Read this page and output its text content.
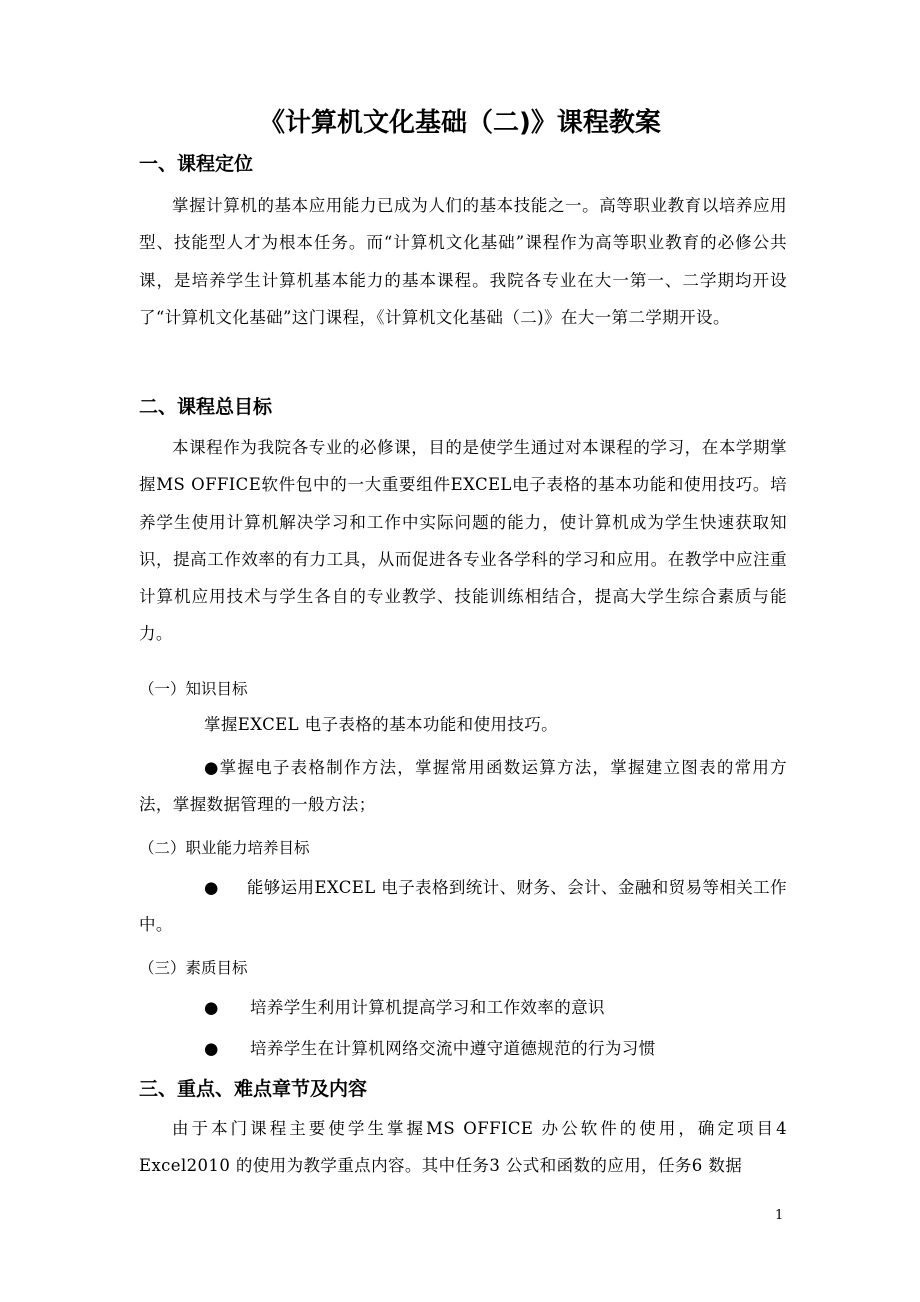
《计算机文化基础（二)》课程教案
一、课程定位

掌握计算机的基本应用能力已成为人们的基本技能之一。高等职业教育以培养应用型、技能型人才为根本任务。而“计算机文化基础”课程作为高等职业教育的必修公共课，是培养学生计算机基本能力的基本课程。我院各专业在大一第一、二学期均开设了“计算机文化基础”这门课程，《计算机文化基础（二)》在大一第二学期开设。

二、课程总目标

本课程作为我院各专业的必修课，目的是使学生通过对本课程的学习，在本学期掌握MS OFFICE软件包中的一大重要组件EXCEL电子表格的基本功能和使用技巧。培养学生使用计算机解决学习和工作中实际问题的能力，使计算机成为学生快速获取知识，提高工作效率的有力工具，从而促进各专业各学科的学习和应用。在教学中应注重计算机应用技术与学生各自的专业教学、技能训练相结合，提高大学生综合素质与能力。

（一）知识目标

掌握EXCEL 电子表格的基本功能和使用技巧。

●掌握电子表格制作方法，掌握常用函数运算方法，掌握建立图表的常用方法，掌握数据管理的一般方法；

（二）职业能力培养目标

● 能够运用EXCEL 电子表格到统计、财务、会计、金融和贸易等相关工作中。

（三）素质目标

● 培养学生利用计算机提高学习和工作效率的意识
● 培养学生在计算机网络交流中遵守道德规范的行为习惯
三、重点、难点章节及内容

由于本门课程主要使学生掌握MS OFFICE 办公软件的使用，确定项目4 Excel2010 的使用为教学重点内容。其中任务3 公式和函数的应用，任务6 数据

1
